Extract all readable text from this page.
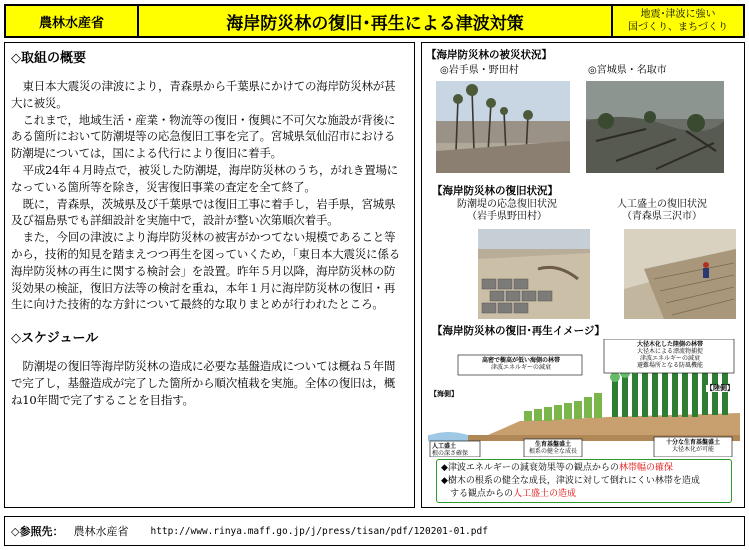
農林水産省	海岸防災林の復旧･再生による津波対策	地震･津波に強い
国づくり、まちづくり
◇取組の概要

東日本大震災の津波により，青森県から千葉県にかけての海岸防災林が甚大に被災。

これまで，地域生活・産業・物流等の復旧・復興に不可欠な施設が背後にある箇所において防潮堤等の応急復旧工事を完了。宮城県気仙沼市における防潮堤については，国による代行により復旧に着手。

平成24年４月時点で，被災した防潮堤，海岸防災林のうち，がれき置場になっている箇所等を除き，災害復旧事業の査定を全て終了。

既に，青森県，茨城県及び千葉県では復旧工事に着手し，岩手県，宮城県及び福島県でも詳細設計を実施中で，設計が整い次第順次着手。

また，今回の津波により海岸防災林の被害がかつてない規模であること等から，技術的知見を踏まえつつ再生を図っていくため，「東日本大震災に係る海岸防災林の再生に関する検討会」を設置。昨年５月以降，海岸防災林の防災効果の検証，復旧方法等の検討を重ね，本年１月に海岸防災林の復旧・再生に向けた技術的な方針について最終的な取りまとめが行われたところ。

◇スケジュール

防潮堤の復旧等海岸防災林の造成に必要な基盤造成については概ね５年間で完了し，基盤造成が完了した箇所から順次植栽を実施。全体の復旧は，概ね10年間で完了することを目指す。

【海岸防災林の被災状況】
◎岩手県・野田村	◎宮城県・名取市
【海岸防災林の復旧状況】
防潮堤の応急復旧状況
（岩手県野田村）
人工盛土の復旧状況
（青森県三沢市）
【海岸防災林の復旧･再生イメージ】
【海側】
【陸側】
高密で樹高が低い海側の林帯
津波エネルギーの減衰
大径木化した陸側の林帯
大径木による漂流物捕捉
津波エネルギーの減衰
避難場所となる防風機能
人工盛土
根の深さ確保
生育基盤盛土
根系の健全な成長
十分な生育基盤盛土
大径木化が可能
◆津波エネルギーの減衰効果等の観点からの林帯幅の確保
◆樹木の根系の健全な成長，津波に対して倒れにくい林帯を造成
する観点からの人工盛土の造成
◇参照先： 農林水産省 http://www.rinya.maff.go.jp/j/press/tisan/pdf/120201-01.pdf
